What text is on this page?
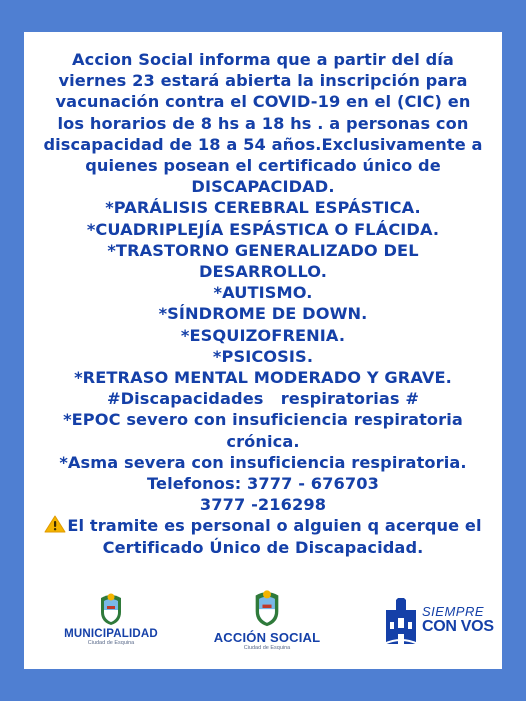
Accion Social informa que a partir del día
viernes 23 estará abierta la inscripción para
vacunación contra el COVID-19 en el (CIC) en
los horarios de 8 hs a 18 hs . a personas con
discapacidad de 18 a 54 años.Exclusivamente a
quienes posean el certificado único de
DISCAPACIDAD.
*PARÁLISIS CEREBRAL ESPÁSTICA.
*CUADRIPLEJÍA ESPÁSTICA O FLÁCIDA.
*TRASTORNO GENERALIZADO DEL
DESARROLLO.
*AUTISMO.
*SÍNDROME DE DOWN.
*ESQUIZOFRENIA.
*PSICOSIS.
*RETRASO MENTAL MODERADO Y GRAVE.
#Discapacidades   respiratorias #
*EPOC severo con insuficiencia respiratoria
crónica.
*Asma severa con insuficiencia respiratoria.
Telefonos: 3777 - 676703
3777 -216298
El tramite es personal o alguien q acerque el
Certificado Único de Discapacidad.
MUNICIPALIDAD
Ciudad de Esquina	ACCIÓN SOCIAL
Ciudad de Esquina
SIEMPRE
CON VOS
